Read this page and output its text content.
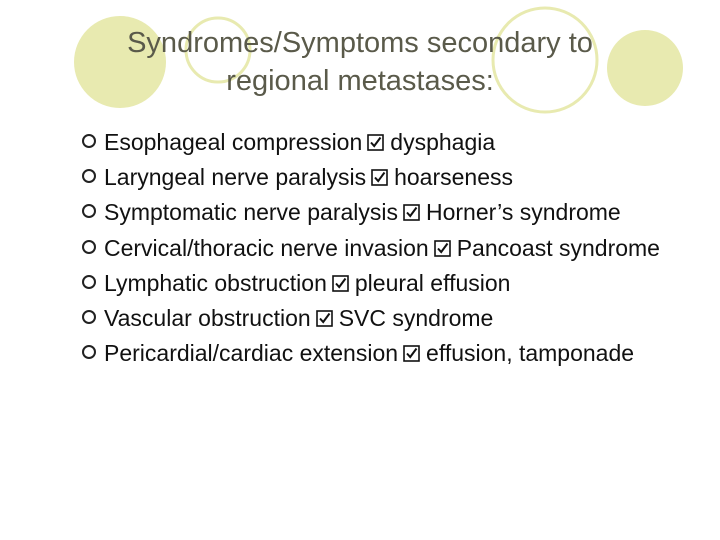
Syndromes/Symptoms secondary to
regional metastases:
Esophageal compression dysphagia
Laryngeal nerve paralysis hoarseness
Symptomatic nerve paralysis Horner’s syndrome
Cervical/thoracic nerve invasion Pancoast syndrome
Lymphatic obstruction pleural effusion
Vascular obstruction SVC syndrome
Pericardial/cardiac extension effusion, tamponade
